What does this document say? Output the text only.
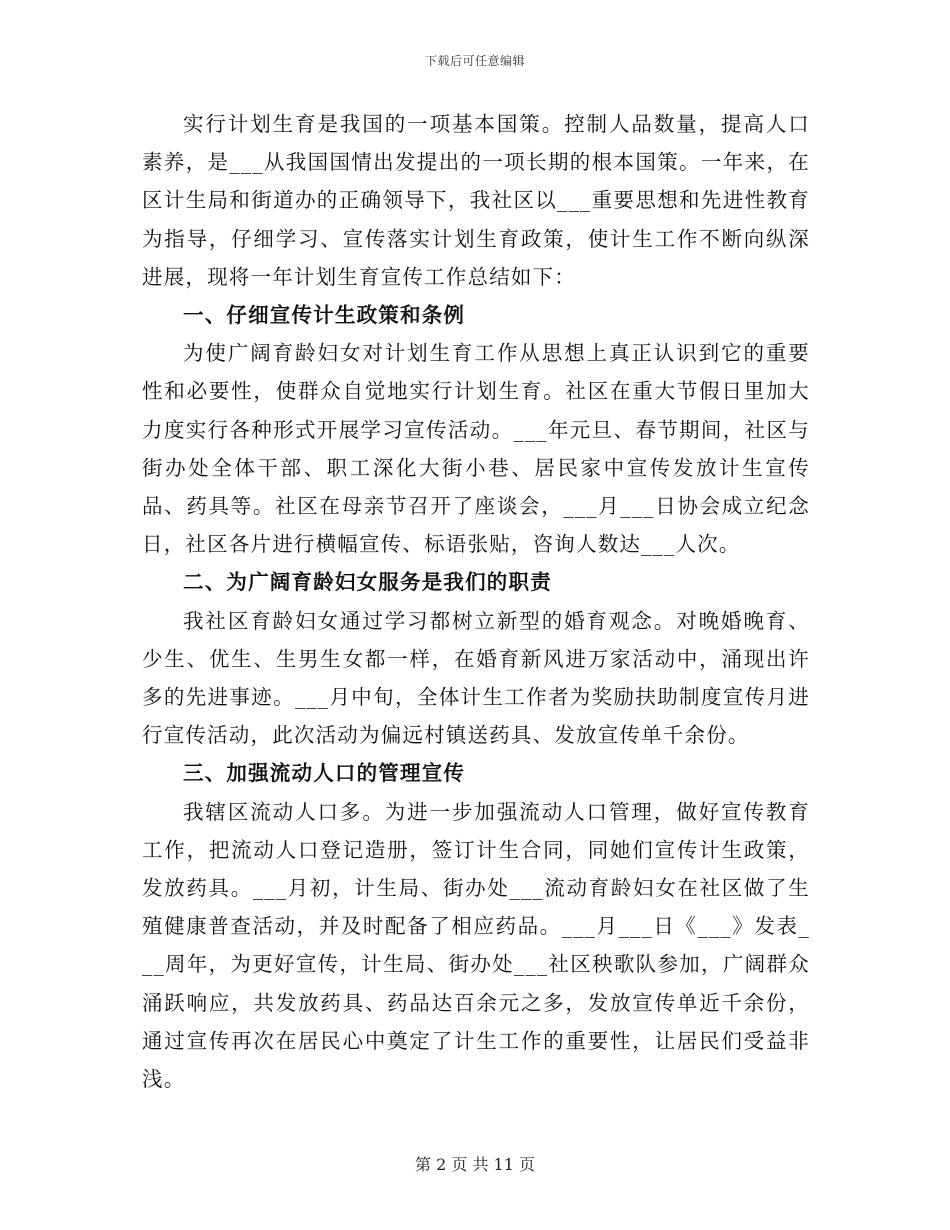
下载后可任意编辑

实行计划生育是我国的一项基本国策。控制人品数量，提高人口素养，是___从我国国情出发提出的一项长期的根本国策。一年来，在区计生局和街道办的正确领导下，我社区以___重要思想和先进性教育为指导，仔细学习、宣传落实计划生育政策，使计生工作不断向纵深进展，现将一年计划生育宣传工作总结如下：

一、仔细宣传计生政策和条例

为使广阔育龄妇女对计划生育工作从思想上真正认识到它的重要性和必要性，使群众自觉地实行计划生育。社区在重大节假日里加大力度实行各种形式开展学习宣传活动。___年元旦、春节期间，社区与街办处全体干部、职工深化大街小巷、居民家中宣传发放计生宣传品、药具等。社区在母亲节召开了座谈会，___月___日协会成立纪念日，社区各片进行横幅宣传、标语张贴，咨询人数达___人次。

二、为广阔育龄妇女服务是我们的职责

我社区育龄妇女通过学习都树立新型的婚育观念。对晚婚晚育、少生、优生、生男生女都一样，在婚育新风进万家活动中，涌现出许多的先进事迹。___月中旬，全体计生工作者为奖励扶助制度宣传月进行宣传活动，此次活动为偏远村镇送药具、发放宣传单千余份。

三、加强流动人口的管理宣传

我辖区流动人口多。为进一步加强流动人口管理，做好宣传教育工作，把流动人口登记造册，签订计生合同，同她们宣传计生政策，发放药具。___月初，计生局、街办处___流动育龄妇女在社区做了生殖健康普查活动，并及时配备了相应药品。___月___日《___》发表___周年，为更好宣传，计生局、街办处___社区秧歌队参加，广阔群众涌跃响应，共发放药具、药品达百余元之多，发放宣传单近千余份，通过宣传再次在居民心中奠定了计生工作的重要性，让居民们受益非浅。

第 2 页 共 11 页
